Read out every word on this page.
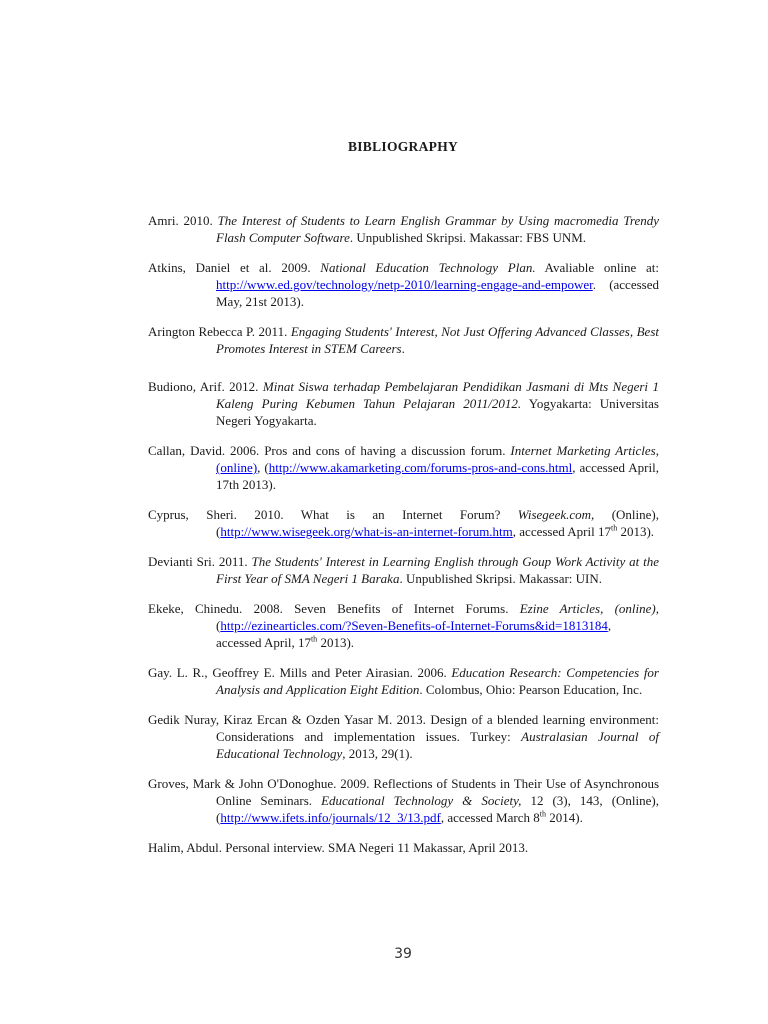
BIBLIOGRAPHY

Amri. 2010. The Interest of Students to Learn English Grammar by Using macromedia Trendy Flash Computer Software. Unpublished Skripsi. Makassar: FBS UNM.

Atkins, Daniel et al. 2009. National Education Technology Plan. Avaliable online at: http://www.ed.gov/technology/netp-2010/learning-engage-and-empower. (accessed May, 21st 2013).

Arington Rebecca P. 2011. Engaging Students' Interest, Not Just Offering Advanced Classes, Best Promotes Interest in STEM Careers.

Budiono, Arif. 2012. Minat Siswa terhadap Pembelajaran Pendidikan Jasmani di Mts Negeri 1 Kaleng Puring Kebumen Tahun Pelajaran 2011/2012. Yogyakarta: Universitas Negeri Yogyakarta.

Callan, David. 2006. Pros and cons of having a discussion forum. Internet Marketing Articles, (online), (http://www.akamarketing.com/forums-pros-and-cons.html, accessed April, 17th 2013).

Cyprus, Sheri. 2010. What is an Internet Forum? Wisegeek.com, (Online), (http://www.wisegeek.org/what-is-an-internet-forum.htm, accessed April 17th 2013).

Devianti Sri. 2011. The Students' Interest in Learning English through Goup Work Activity at the First Year of SMA Negeri 1 Baraka. Unpublished Skripsi. Makassar: UIN.

Ekeke, Chinedu. 2008. Seven Benefits of Internet Forums. Ezine Articles, (online), (http://ezinearticles.com/?Seven-Benefits-of-Internet-Forums&id=1813184, accessed April, 17th 2013).

Gay. L. R., Geoffrey E. Mills and Peter Airasian. 2006. Education Research: Competencies for Analysis and Application Eight Edition. Colombus, Ohio: Pearson Education, Inc.

Gedik Nuray, Kiraz Ercan & Ozden Yasar M. 2013. Design of a blended learning environment: Considerations and implementation issues. Turkey: Australasian Journal of Educational Technology, 2013, 29(1).

Groves, Mark & John O'Donoghue. 2009. Reflections of Students in Their Use of Asynchronous Online Seminars. Educational Technology & Society, 12 (3), 143, (Online), (http://www.ifets.info/journals/12_3/13.pdf, accessed March 8th 2014).

Halim, Abdul. Personal interview. SMA Negeri 11 Makassar, April 2013.

39
